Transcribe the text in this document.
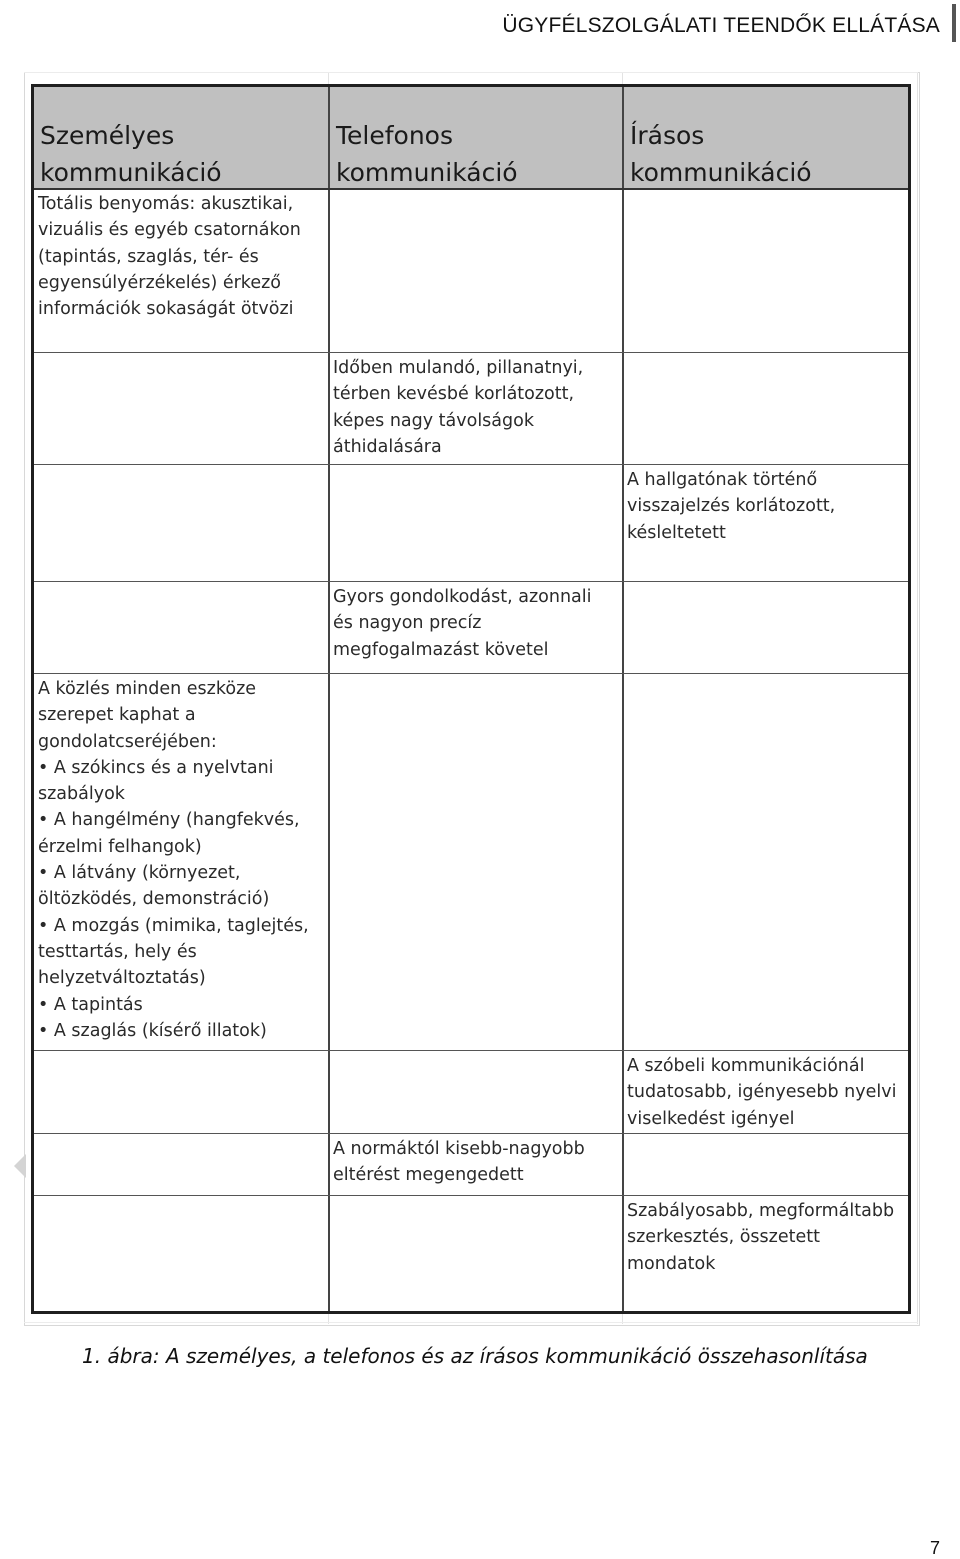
ÜGYFÉLSZOLGÁLATI TEENDŐK ELLÁTÁSA
Személyes
kommunikáció
Telefonos
kommunikáció
Írásos
kommunikáció
Totális benyomás: akusztikai,
vizuális és egyéb csatornákon
(tapintás, szaglás, tér- és
egyensúlyérzékelés) érkező
információk sokaságát ötvözi
Időben mulandó, pillanatnyi,
térben kevésbé korlátozott,
képes nagy távolságok
áthidalására
A hallgatónak történő
visszajelzés korlátozott,
késleltetett
Gyors gondolkodást, azonnali
és nagyon precíz
megfogalmazást követel
A közlés minden eszköze
szerepet kaphat a
gondolatcseréjében:
• A szókincs és a nyelvtani
szabályok
• A hangélmény (hangfekvés,
érzelmi felhangok)
• A látvány (környezet,
öltözködés, demonstráció)
• A mozgás (mimika, taglejtés,
testtartás, hely és
helyzetváltoztatás)
• A tapintás
• A szaglás (kísérő illatok)
A szóbeli kommunikációnál
tudatosabb, igényesebb nyelvi
viselkedést igényel
A normáktól kisebb-nagyobb
eltérést megengedett
Szabályosabb, megformáltabb
szerkesztés, összetett
mondatok
1. ábra: A személyes, a telefonos és az írásos kommunikáció összehasonlítása
7
